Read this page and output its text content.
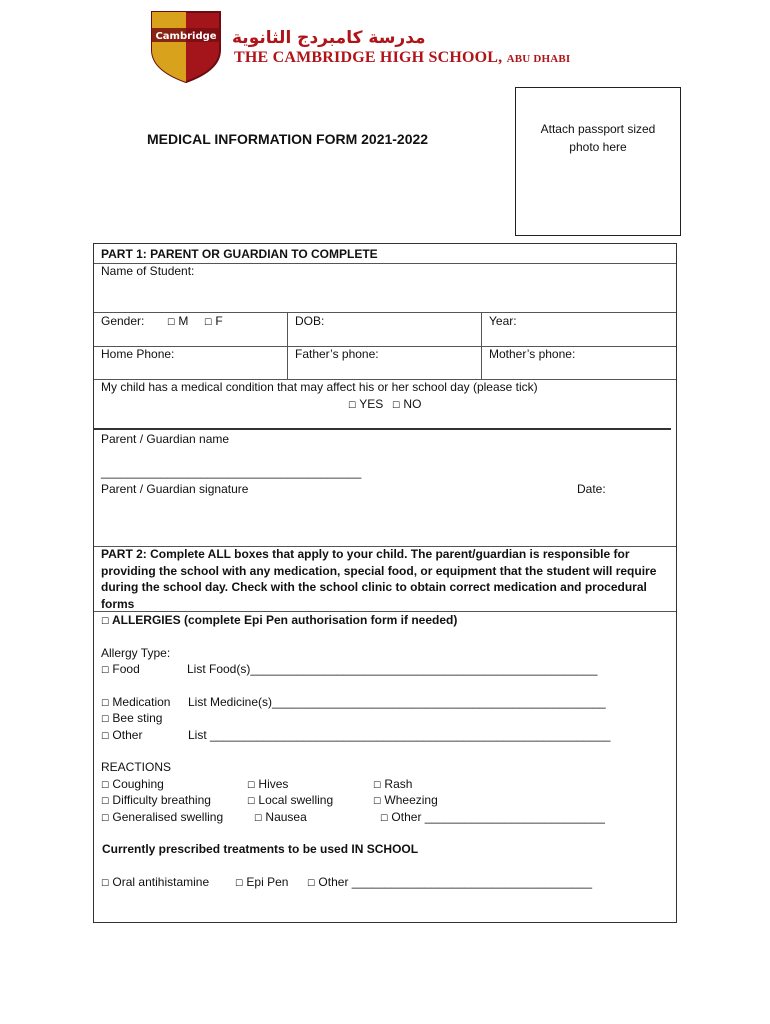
Cambridge مدرسة كامبردج الثانوية
THE CAMBRIDGE HIGH SCHOOL, ABU DHABI
MEDICAL INFORMATION FORM 2021-2022
Attach passport sized
photo here
PART 1: PARENT OR GUARDIAN TO COMPLETE
Name of Student:
Gender:	☐ M ☐ F	DOB:	Year:
Home Phone:	Father’s phone:	Mother’s phone:
My child has a medical condition that may affect his or her school day (please tick)
☐ YES ☐ NO
Parent / Guardian name
_______________________________________
Parent / Guardian signature	Date:
PART 2: Complete ALL boxes that apply to your child. The parent/guardian is responsible for providing the school with any medication, special food, or equipment that the student will require during the school day. Check with the school clinic to obtain correct medication and procedural forms
☐ ALLERGIES (complete Epi Pen authorisation form if needed)
Allergy Type:
☐ Food	List Food(s)____________________________________________________
☐ Medication List Medicine(s)__________________________________________________
☐ Bee sting
☐ Other	List ____________________________________________________________
REACTIONS
☐ Coughing	☐ Hives	☐ Rash
☐ Difficulty breathing	☐ Local swelling	☐ Wheezing
☐ Generalised swelling	☐ Nausea	☐ Other ___________________________
Currently prescribed treatments to be used IN SCHOOL
☐ Oral antihistamine	☐ Epi Pen ☐ Other ____________________________________
